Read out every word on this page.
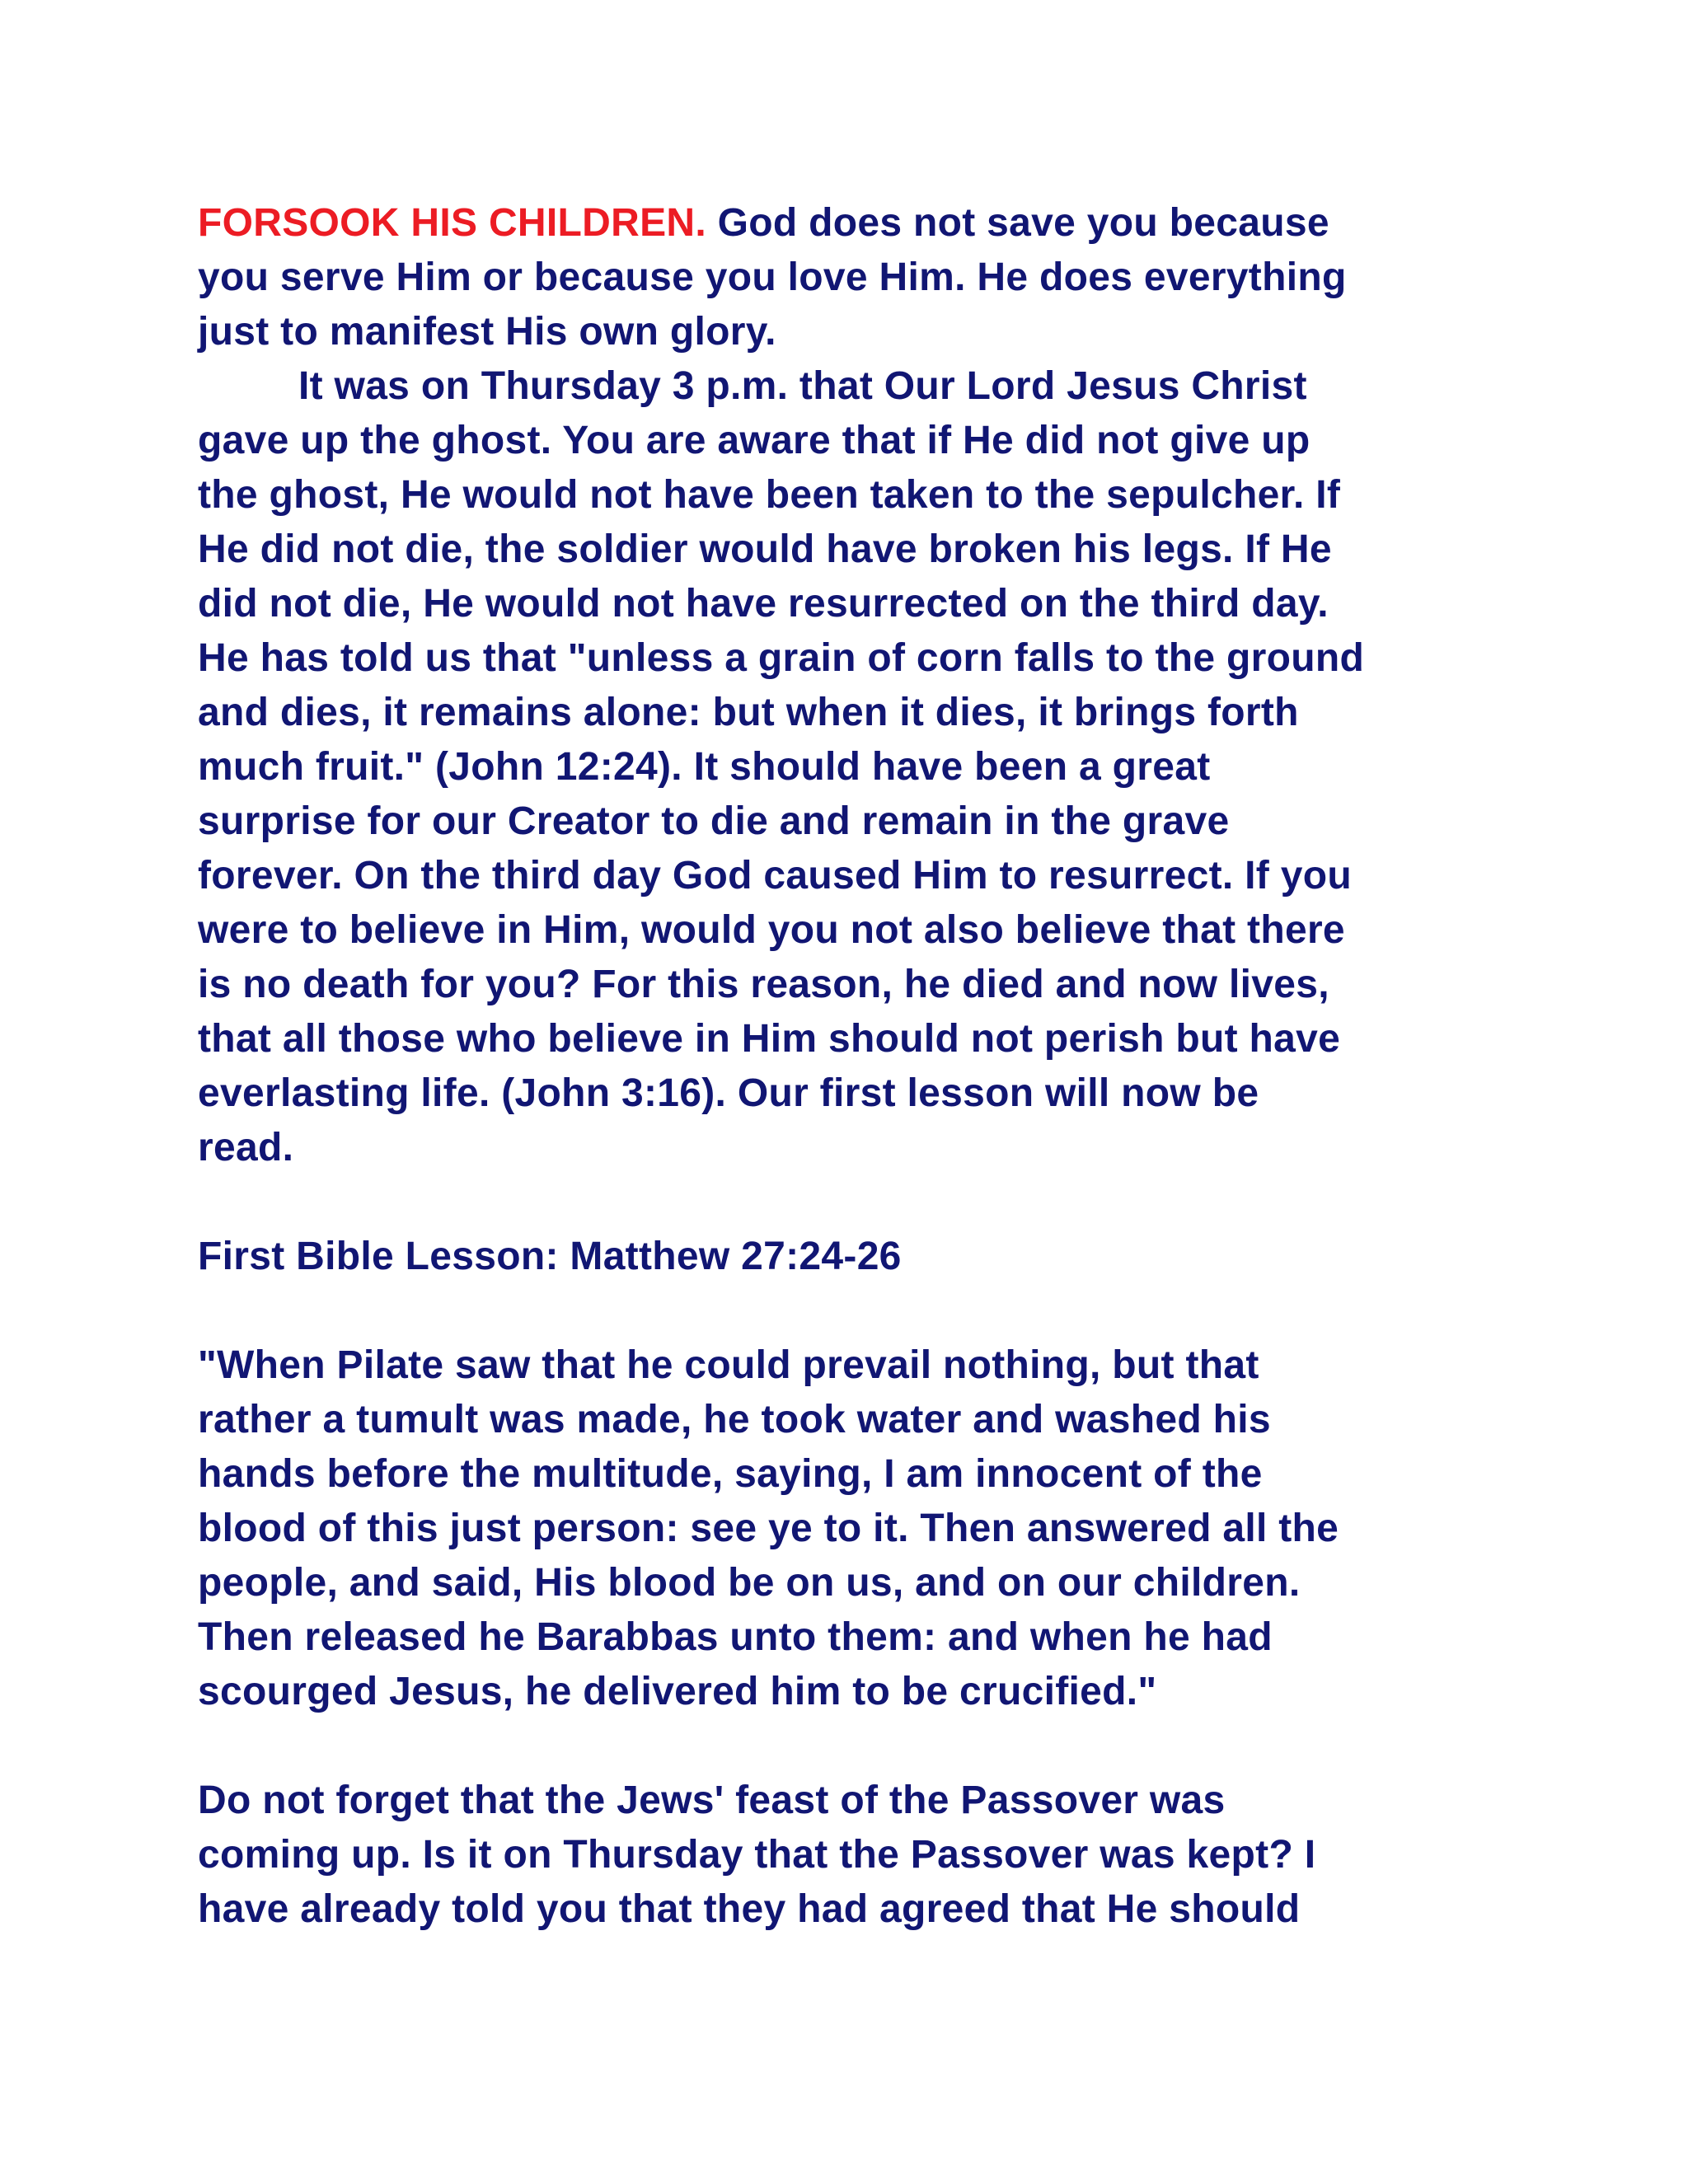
FORSOOK HIS CHILDREN. God does not save you because
you serve Him or because you love Him. He does everything
just to manifest His own glory.
It was on Thursday 3 p.m. that Our Lord Jesus Christ
gave up the ghost. You are aware that if He did not give up
the ghost, He would not have been taken to the sepulcher. If
He did not die, the soldier would have broken his legs. If He
did not die, He would not have resurrected on the third day.
He has told us that "unless a grain of corn falls to the ground
and dies, it remains alone: but when it dies, it brings forth
much fruit." (John 12:24). It should have been a great
surprise for our Creator to die and remain in the grave
forever. On the third day God caused Him to resurrect. If you
were to believe in Him, would you not also believe that there
is no death for you? For this reason, he died and now lives,
that all those who believe in Him should not perish but have
everlasting life. (John 3:16). Our first lesson will now be
read.
First Bible Lesson: Matthew 27:24-26
"When Pilate saw that he could prevail nothing, but that
rather a tumult was made, he took water and washed his
hands before the multitude, saying, I am innocent of the
blood of this just person: see ye to it. Then answered all the
people, and said, His blood be on us, and on our children.
Then released he Barabbas unto them: and when he had
scourged Jesus, he delivered him to be crucified."
Do not forget that the Jews' feast of the Passover was
coming up. Is it on Thursday that the Passover was kept? I
have already told you that they had agreed that He should
